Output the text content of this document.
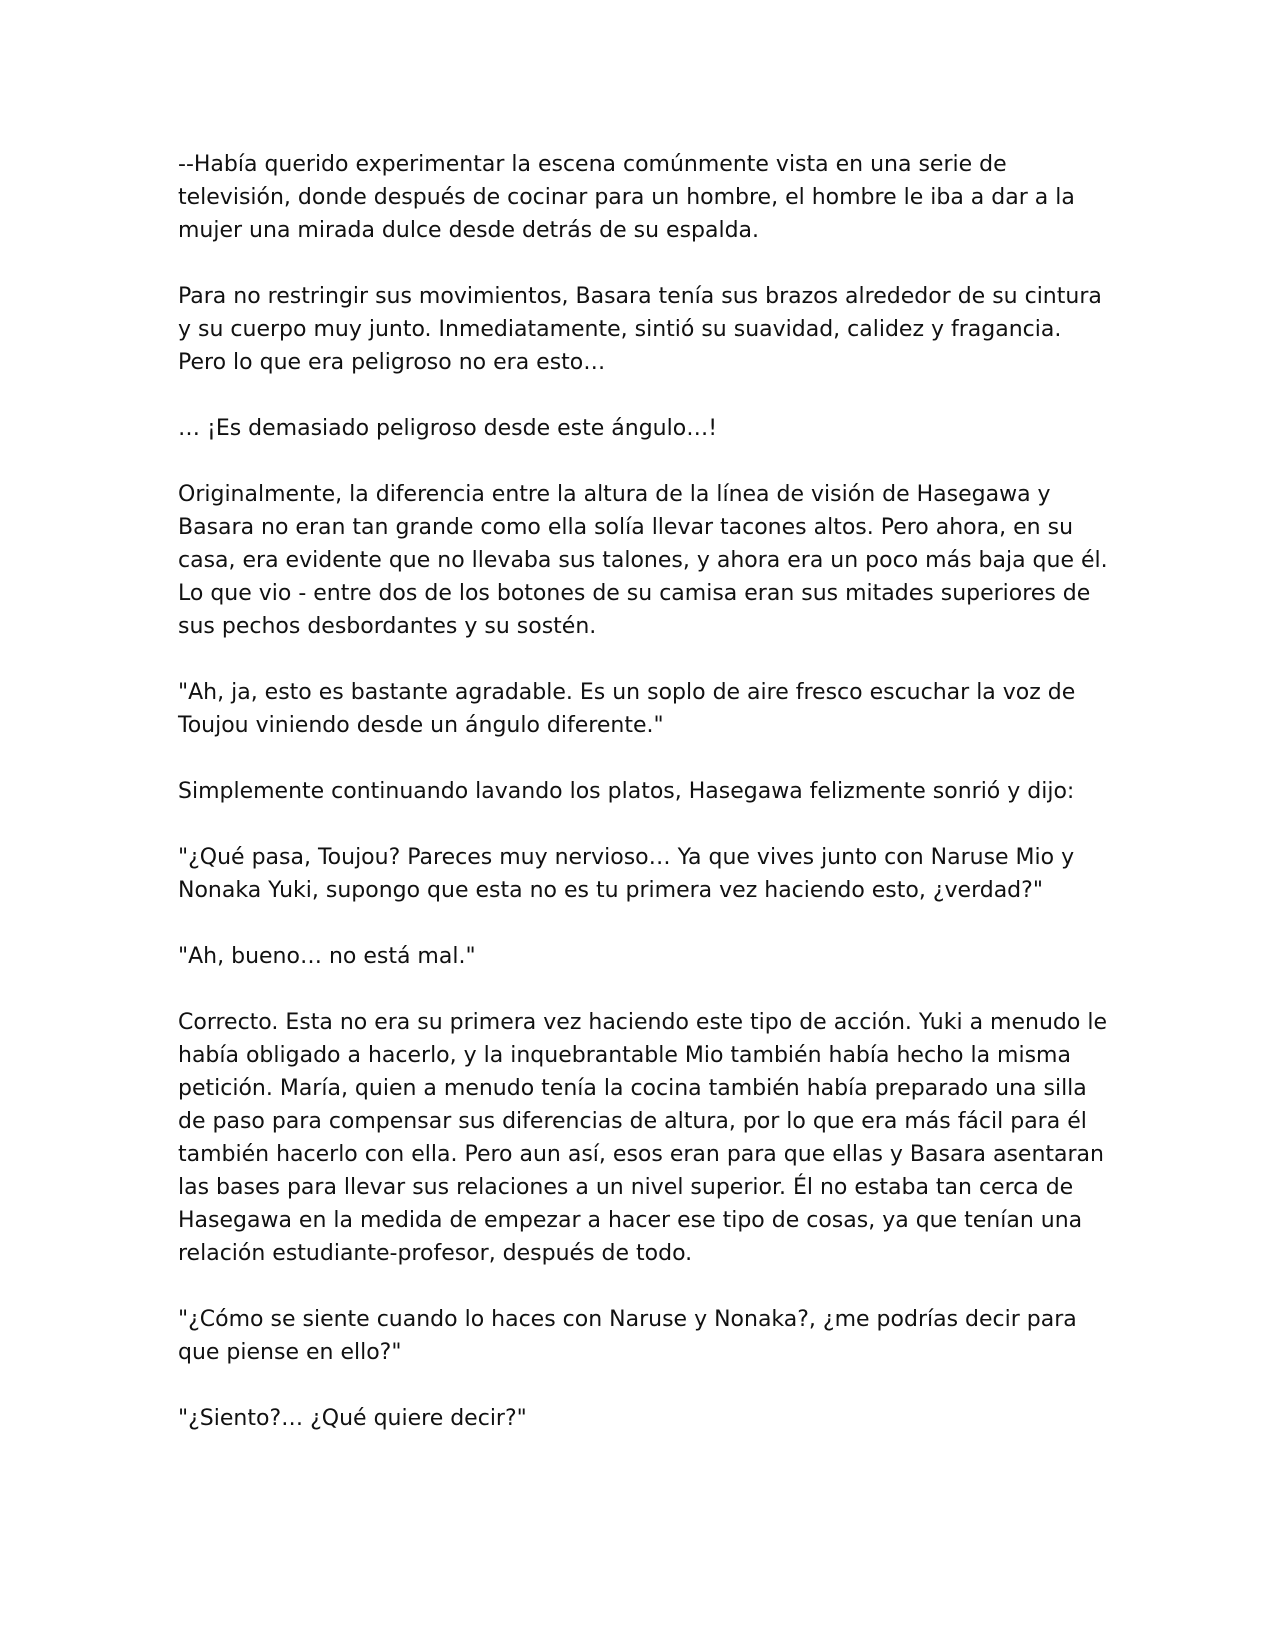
--Había querido experimentar la escena comúnmente vista en una serie de
televisión, donde después de cocinar para un hombre, el hombre le iba a dar a la
mujer una mirada dulce desde detrás de su espalda.

Para no restringir sus movimientos, Basara tenía sus brazos alrededor de su cintura
y su cuerpo muy junto. Inmediatamente, sintió su suavidad, calidez y fragancia.
Pero lo que era peligroso no era esto…

… ¡Es demasiado peligroso desde este ángulo…!

Originalmente, la diferencia entre la altura de la línea de visión de Hasegawa y
Basara no eran tan grande como ella solía llevar tacones altos. Pero ahora, en su
casa, era evidente que no llevaba sus talones, y ahora era un poco más baja que él.
Lo que vio - entre dos de los botones de su camisa eran sus mitades superiores de
sus pechos desbordantes y su sostén.

"Ah, ja, esto es bastante agradable. Es un soplo de aire fresco escuchar la voz de
Toujou viniendo desde un ángulo diferente."

Simplemente continuando lavando los platos, Hasegawa felizmente sonrió y dijo:

"¿Qué pasa, Toujou? Pareces muy nervioso… Ya que vives junto con Naruse Mio y
Nonaka Yuki, supongo que esta no es tu primera vez haciendo esto, ¿verdad?"

"Ah, bueno… no está mal."

Correcto. Esta no era su primera vez haciendo este tipo de acción. Yuki a menudo le
había obligado a hacerlo, y la inquebrantable Mio también había hecho la misma
petición. María, quien a menudo tenía la cocina también había preparado una silla
de paso para compensar sus diferencias de altura, por lo que era más fácil para él
también hacerlo con ella. Pero aun así, esos eran para que ellas y Basara asentaran
las bases para llevar sus relaciones a un nivel superior. Él no estaba tan cerca de
Hasegawa en la medida de empezar a hacer ese tipo de cosas, ya que tenían una
relación estudiante-profesor, después de todo.

"¿Cómo se siente cuando lo haces con Naruse y Nonaka?, ¿me podrías decir para
que piense en ello?"

"¿Siento?… ¿Qué quiere decir?"
